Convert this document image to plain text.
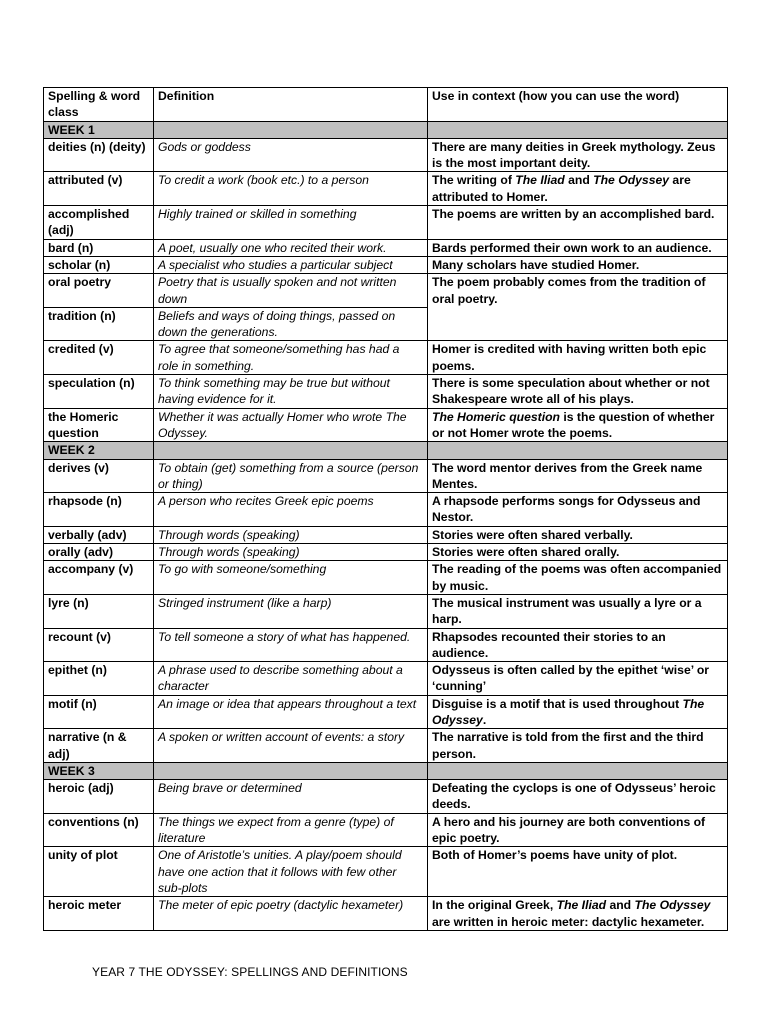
Spelling & word class	Definition	Use in context (how you can use the word)
WEEK 1		
deities (n) (deity)	Gods or goddess	There are many deities in Greek mythology. Zeus is the most important deity.
attributed (v)	To credit a work (book etc.) to a person	The writing of The Iliad and The Odyssey are attributed to Homer.
accomplished (adj)	Highly trained or skilled in something	The poems are written by an accomplished bard.
bard (n)	A poet, usually one who recited their work.	Bards performed their own work to an audience.
scholar (n)	A specialist who studies a particular subject	Many scholars have studied Homer.
oral poetry	Poetry that is usually spoken and not written down	The poem probably comes from the tradition of oral poetry.
tradition (n)	Beliefs and ways of doing things, passed on down the generations.	
credited (v)	To agree that someone/something has had a role in something.	Homer is credited with having written both epic poems.
speculation (n)	To think something may be true but without having evidence for it.	There is some speculation about whether or not Shakespeare wrote all of his plays.
the Homeric question	Whether it was actually Homer who wrote The Odyssey.	The Homeric question is the question of whether or not Homer wrote the poems.
WEEK 2		
derives (v)	To obtain (get) something from a source (person or thing)	The word mentor derives from the Greek name Mentes.
rhapsode (n)	A person who recites Greek epic poems	A rhapsode performs songs for Odysseus and Nestor.
verbally (adv)	Through words (speaking)	Stories were often shared verbally.
orally (adv)	Through words (speaking)	Stories were often shared orally.
accompany (v)	To go with someone/something	The reading of the poems was often accompanied by music.
lyre (n)	Stringed instrument (like a harp)	The musical instrument was usually a lyre or a harp.
recount (v)	To tell someone a story of what has happened.	Rhapsodes recounted their stories to an audience.
epithet (n)	A phrase used to describe something about a character	Odysseus is often called by the epithet ‘wise’ or ‘cunning’
motif (n)	An image or idea that appears throughout a text	Disguise is a motif that is used throughout The Odyssey.
narrative (n & adj)	A spoken or written account of events: a story	The narrative is told from the first and the third person.
WEEK 3		
heroic (adj)	Being brave or determined	Defeating the cyclops is one of Odysseus’ heroic deeds.
conventions (n)	The things we expect from a genre (type) of literature	A hero and his journey are both conventions of epic poetry.
unity of plot	One of Aristotle’s unities. A play/poem should have one action that it follows with few other sub-plots	Both of Homer’s poems have unity of plot.
heroic meter	The meter of epic poetry (dactylic hexameter)	In the original Greek, The Iliad and The Odyssey are written in heroic meter: dactylic hexameter.
YEAR 7 THE ODYSSEY: SPELLINGS AND DEFINITIONS
